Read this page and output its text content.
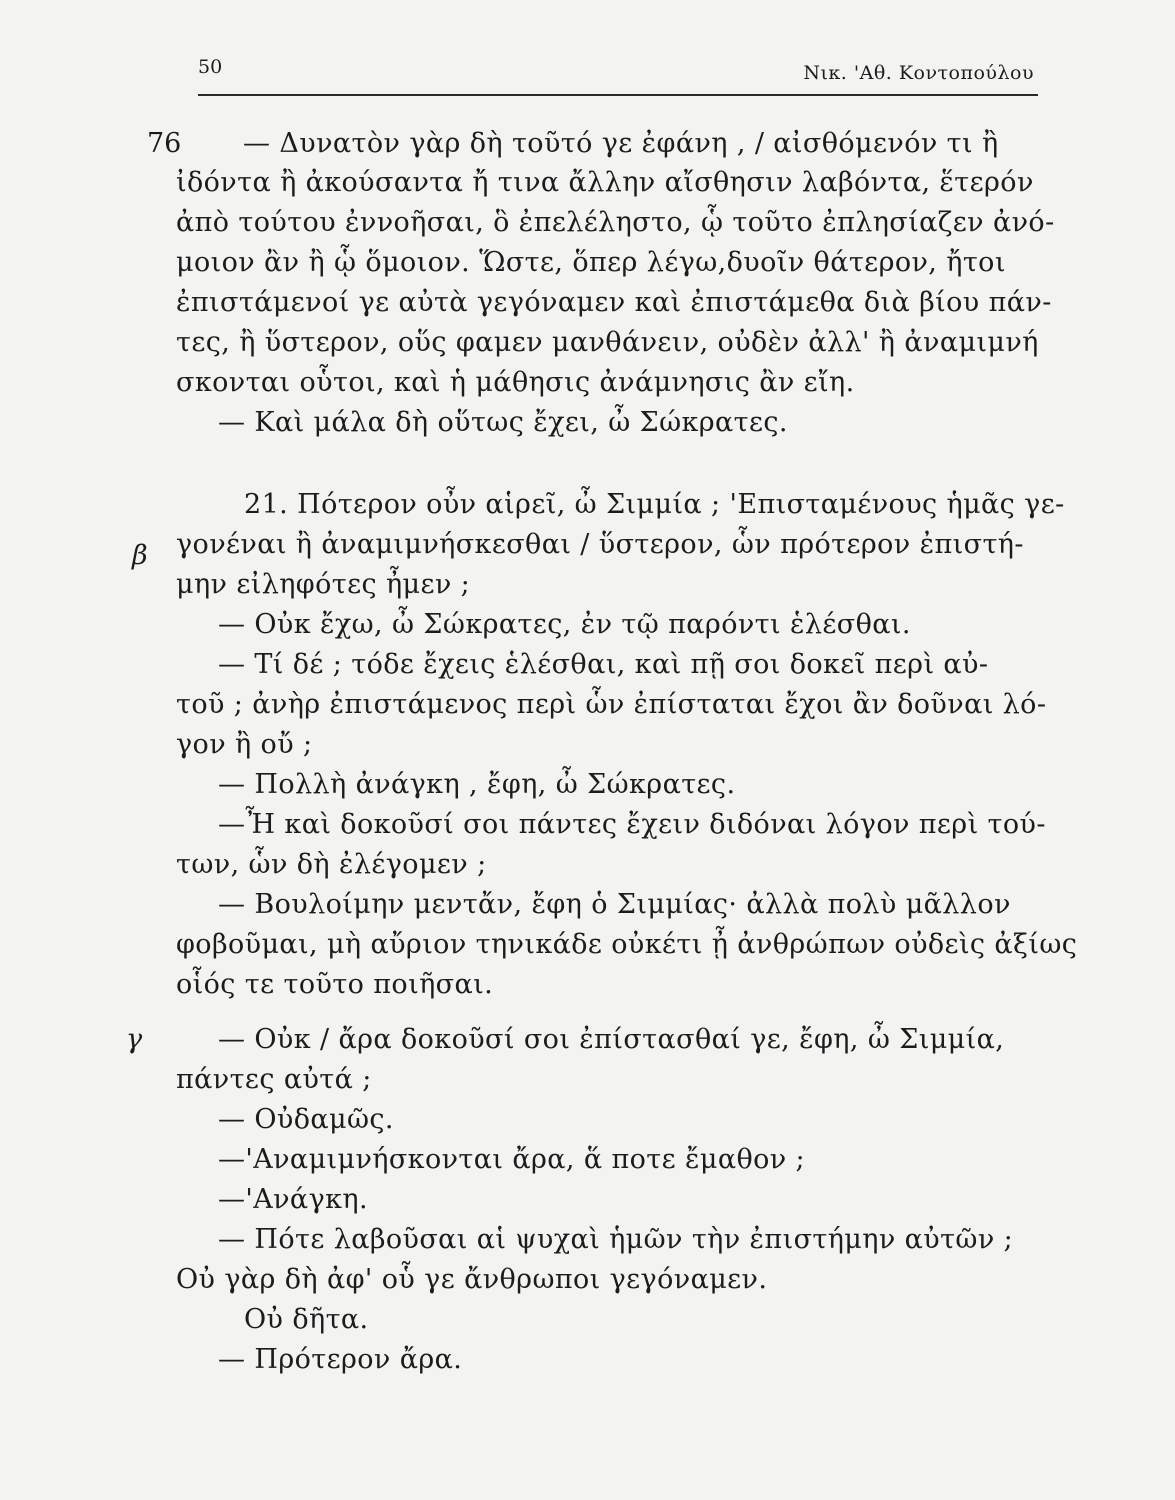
50	Νικ. 'Αθ. Κοντοπούλου
76
β
γ
— Δυνατὸν γὰρ δὴ τοῦτό γε ἐφάνη , / αἰσθόμενόν τι ἢ
ἰδόντα ἢ ἀκούσαντα ἤ τινα ἄλλην αἴσθησιν λαβόντα, ἕτερόν
ἀπὸ τούτου ἐννοῆσαι, ὃ ἐπελέληστο, ᾧ τοῦτο ἐπλησίαζεν ἀνό-
μοιον ἂν ἢ ᾧ ὅμοιον. Ὥστε, ὅπερ λέγω,δυοῖν θάτερον, ἤτοι
ἐπιστάμενοί γε αὐτὰ γεγόναμεν καὶ ἐπιστάμεθα διὰ βίου πάν-
τες, ἢ ὕστερον, οὕς φαμεν μανθάνειν, οὐδὲν ἀλλ' ἢ ἀναμιμνή
σκονται οὗτοι, καὶ ἡ μάθησις ἀνάμνησις ἂν εἴη.
— Καὶ μάλα δὴ οὕτως ἔχει, ὦ Σώκρατες.
21. Πότερον οὖν αἱρεῖ, ὦ Σιμμία ; 'Επισταμένους ἡμᾶς γε-
γονέναι ἢ ἀναμιμνήσκεσθαι / ὕστερον, ὧν πρότερον ἐπιστή-
μην εἰληφότες ἦμεν ;
— Οὐκ ἔχω, ὦ Σώκρατες, ἐν τῷ παρόντι ἑλέσθαι.
— Τί δέ ; τόδε ἔχεις ἑλέσθαι, καὶ πῇ σοι δοκεῖ περὶ αὐ-
τοῦ ; ἀνὴρ ἐπιστάμενος περὶ ὧν ἐπίσταται ἔχοι ἂν δοῦναι λό-
γον ἢ οὔ ;
— Πολλὴ ἀνάγκη , ἔφη, ὦ Σώκρατες.
—Ἦ καὶ δοκοῦσί σοι πάντες ἔχειν διδόναι λόγον περὶ τού-
των, ὧν δὴ ἐλέγομεν ;
— Βουλοίμην μεντἄν, ἔφη ὁ Σιμμίας· ἀλλὰ πολὺ μᾶλλον
φοβοῦμαι, μὴ αὔριον τηνικάδε οὐκέτι ᾖ ἀνθρώπων οὐδεὶς ἀξίως
οἷός τε τοῦτο ποιῆσαι.
— Οὐκ / ἄρα δοκοῦσί σοι ἐπίστασθαί γε, ἔφη, ὦ Σιμμία,
πάντες αὐτά ;
— Οὐδαμῶς.
—'Αναμιμνήσκονται ἄρα, ἅ ποτε ἔμαθον ;
—'Ανάγκη.
— Πότε λαβοῦσαι αἱ ψυχαὶ ἡμῶν τὴν ἐπιστήμην αὐτῶν ;
Οὐ γὰρ δὴ ἀφ' οὗ γε ἄνθρωποι γεγόναμεν.
Οὐ δῆτα.
— Πρότερον ἄρα.
